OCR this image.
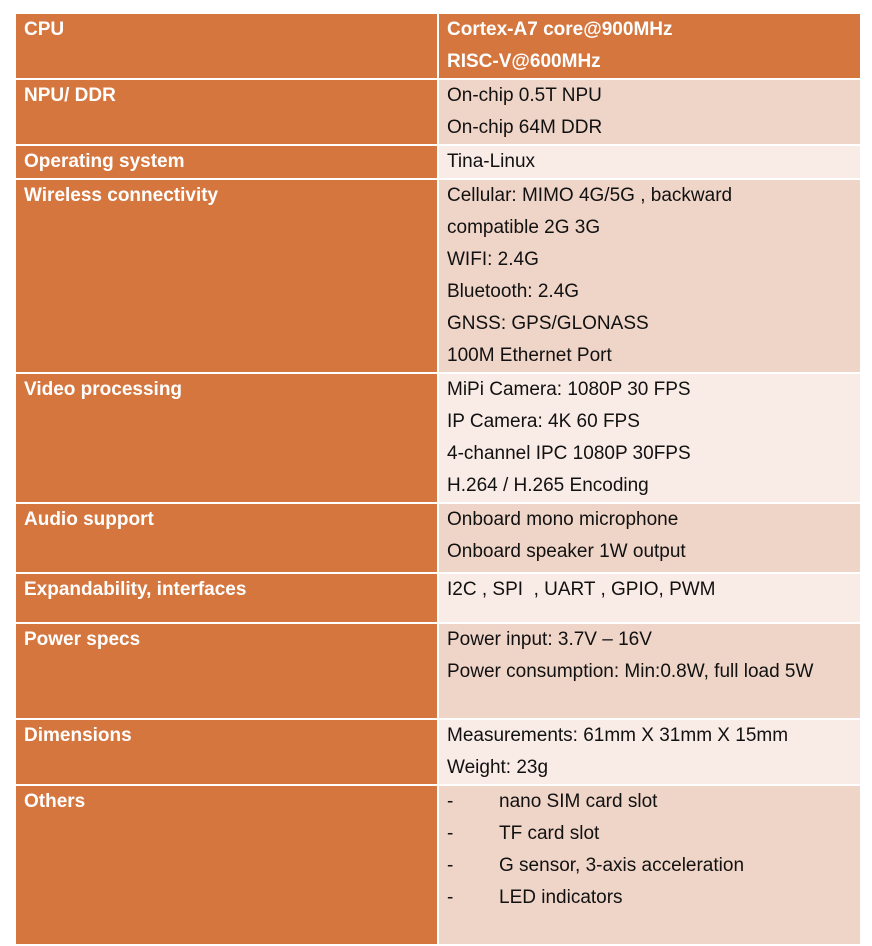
CPU	Cortex-A7 core@900MHz
RISC-V@600MHz

NPU/ DDR	On-chip 0.5T NPU
On-chip 64M DDR

Operating system	Tina-Linux

Wireless connectivity	Cellular: MIMO 4G/5G , backward compatible 2G 3G
WIFI: 2.4G
Bluetooth: 2.4G
GNSS: GPS/GLONASS
100M Ethernet Port

Video processing	MiPi Camera: 1080P 30 FPS
IP Camera: 4K 60 FPS
4-channel IPC 1080P 30FPS
H.264 / H.265 Encoding

Audio support	Onboard mono microphone
Onboard speaker 1W output

Expandability, interfaces	I2C , SPI  , UART , GPIO, PWM

Power specs	Power input: 3.7V – 16V
Power consumption: Min:0.8W, full load 5W

Dimensions	Measurements: 61mm X 31mm X 15mm
Weight: 23g

Others	- nano SIM card slot
- TF card slot
- G sensor, 3-axis acceleration
- LED indicators
